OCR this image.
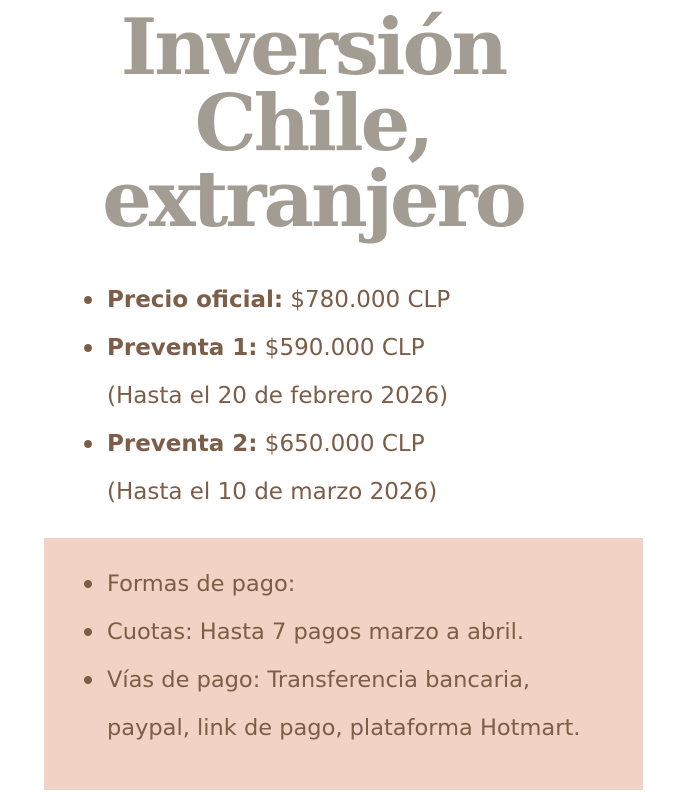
Inversión
Chile,
extranjero
Precio oficial: $780.000 CLP
Preventa 1: $590.000 CLP
(Hasta el 20 de febrero 2026)
Preventa 2: $650.000 CLP
(Hasta el 10 de marzo 2026)
Formas de pago:
Cuotas: Hasta 7 pagos marzo a abril.
Vías de pago: Transferencia bancaria,
paypal, link de pago, plataforma Hotmart.
